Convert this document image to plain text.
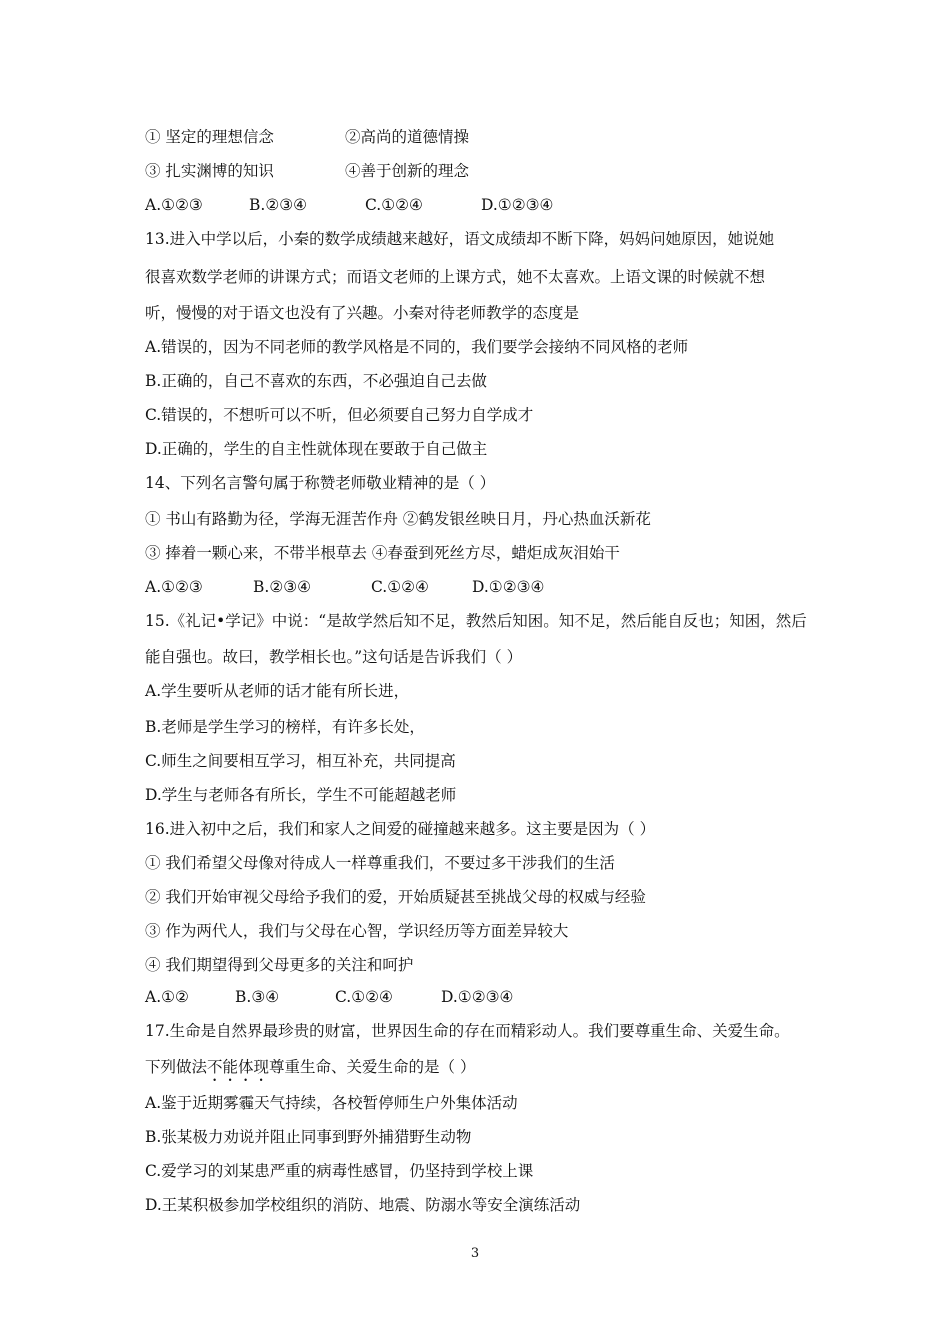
① 坚定的理想信念	②高尚的道德情操
③ 扎实渊博的知识	④善于创新的理念
A.①②③	B.②③④	C.①②④	D.①②③④
13.进入中学以后，小秦的数学成绩越来越好，语文成绩却不断下降，妈妈问她原因，她说她
很喜欢数学老师的讲课方式；而语文老师的上课方式，她不太喜欢。上语文课的时候就不想
听，慢慢的对于语文也没有了兴趣。小秦对待老师教学的态度是
A.错误的，因为不同老师的教学风格是不同的，我们要学会接纳不同风格的老师
B.正确的，自己不喜欢的东西，不必强迫自己去做
C.错误的，不想听可以不听，但必须要自己努力自学成才
D.正确的，学生的自主性就体现在要敢于自己做主
14、下列名言警句属于称赞老师敬业精神的是（ ）
① 书山有路勤为径，学海无涯苦作舟 ②鹤发银丝映日月，丹心热血沃新花
③ 捧着一颗心来，不带半根草去 ④春蚕到死丝方尽，蜡炬成灰泪始干
A.①②③	B.②③④	C.①②④	D.①②③④
15.《礼记•学记》中说：“是故学然后知不足，教然后知困。知不足，然后能自反也；知困，然后
能自强也。故曰，教学相长也。”这句话是告诉我们（ ）
A.学生要听从老师的话才能有所长进，
B.老师是学生学习的榜样，有许多长处，
C.师生之间要相互学习，相互补充，共同提高
D.学生与老师各有所长，学生不可能超越老师
16.进入初中之后，我们和家人之间爱的碰撞越来越多。这主要是因为（ ）
① 我们希望父母像对待成人一样尊重我们，不要过多干涉我们的生活
② 我们开始审视父母给予我们的爱，开始质疑甚至挑战父母的权威与经验
③ 作为两代人，我们与父母在心智，学识经历等方面差异较大
④ 我们期望得到父母更多的关注和呵护
A.①②	B.③④	C.①②④	D.①②③④
17.生命是自然界最珍贵的财富，世界因生命的存在而精彩动人。我们要尊重生命、关爱生命。
下列做法不能体现尊重生命、关爱生命的是（ ）
A.鉴于近期雾霾天气持续，各校暂停师生户外集体活动
B.张某极力劝说并阻止同事到野外捕猎野生动物
C.爱学习的刘某患严重的病毒性感冒，仍坚持到学校上课
D.王某积极参加学校组织的消防、地震、防溺水等安全演练活动
3
